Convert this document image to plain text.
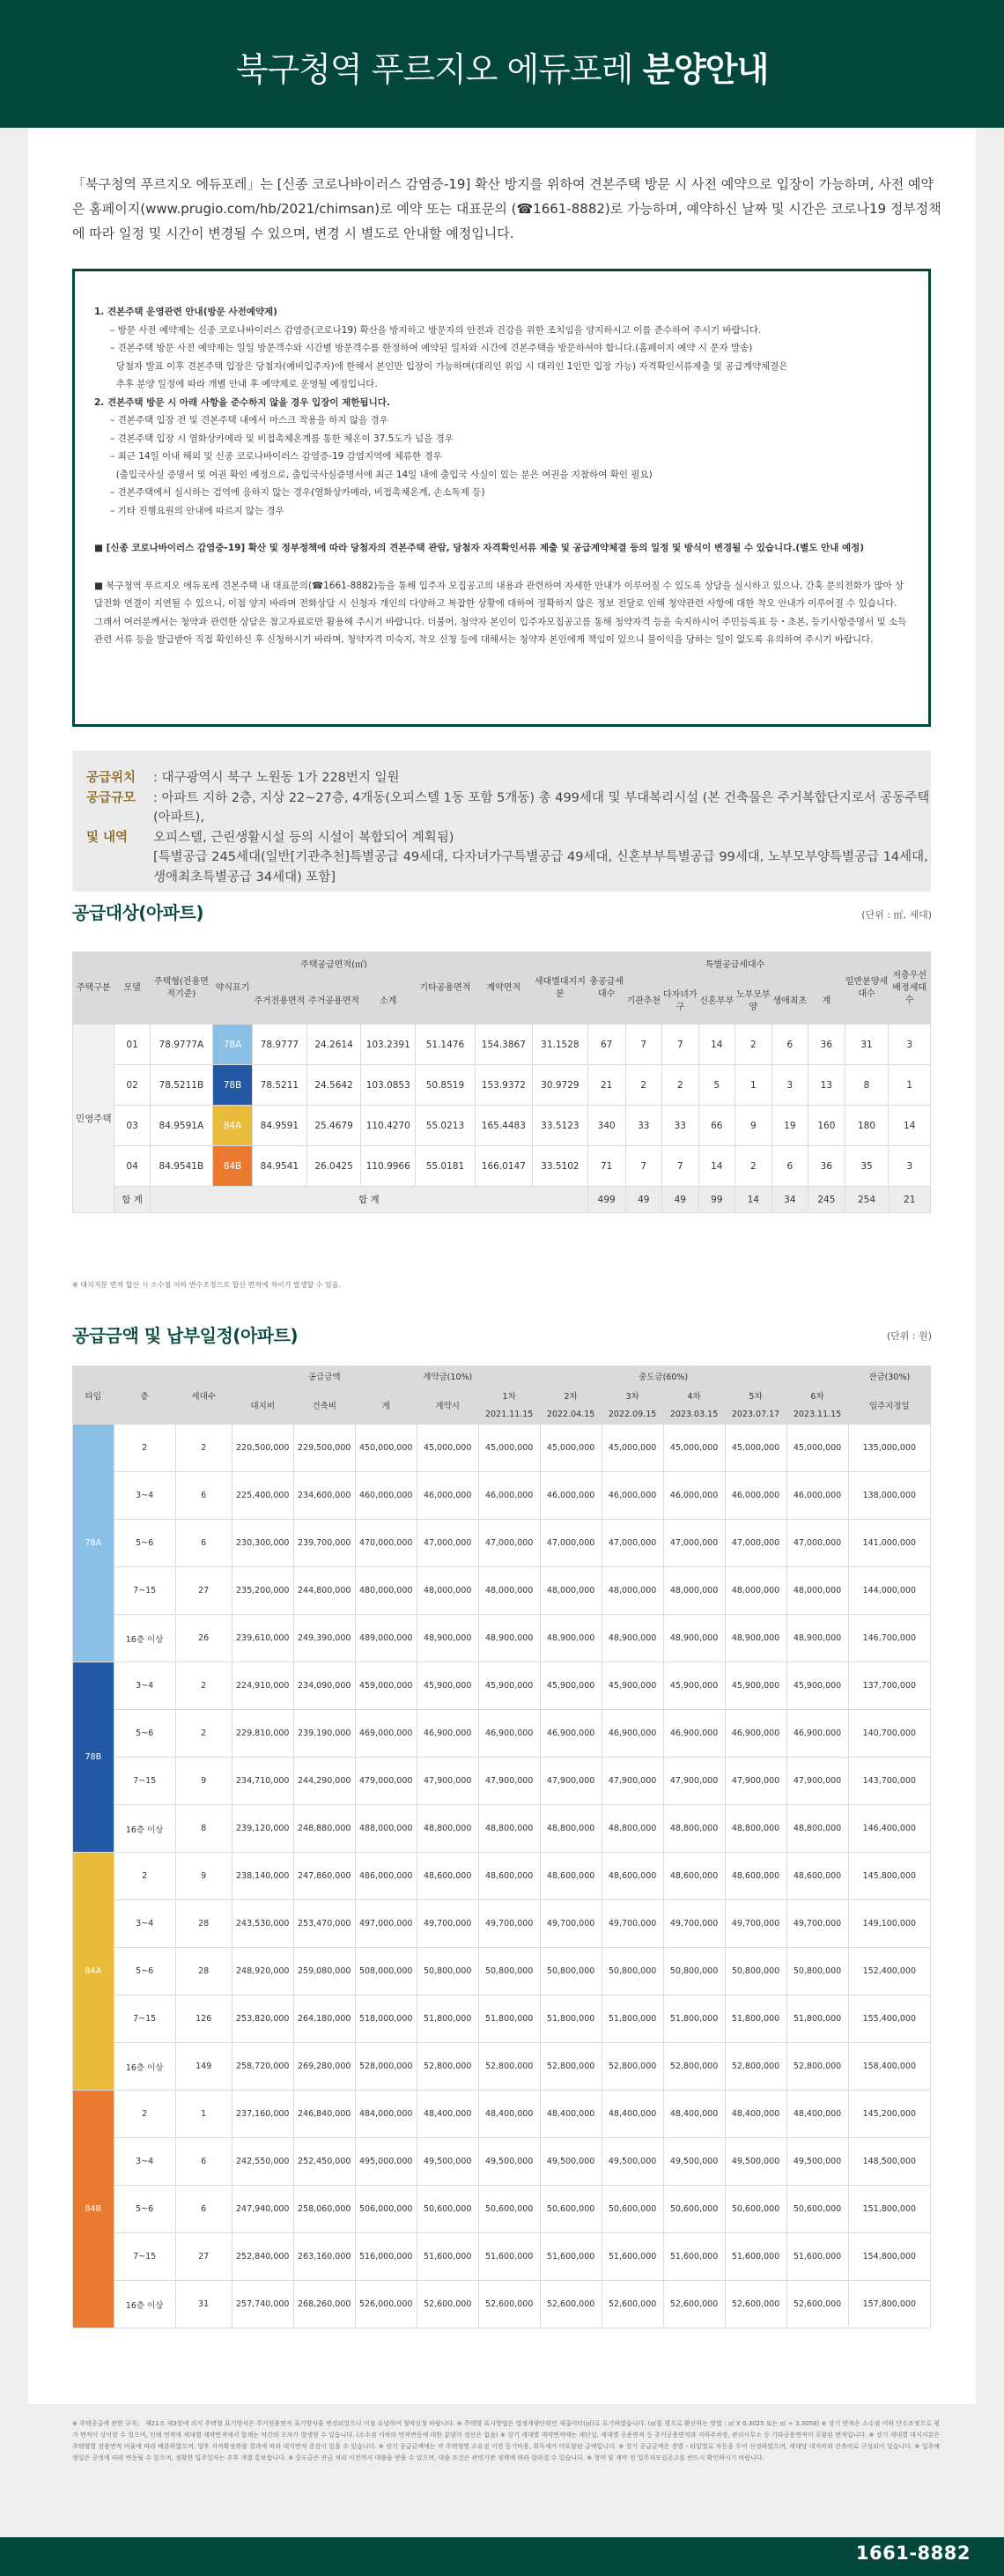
북구청역 푸르지오 에듀포레 분양안내

「북구청역 푸르지오 에듀포레」는 [신종 코로나바이러스 감염증-19] 확산 방지를 위하여 견본주택 방문 시 사전 예약으로 입장이 가능하며, 사전 예약은 홈페이지(www.prugio.com/hb/2021/chimsan)로 예약 또는 대표문의 (☎1661-8882)로 가능하며, 예약하신 날짜 및 시간은 코로나19 정부정책에 따라 일정 및 시간이 변경될 수 있으며, 변경 시 별도로 안내할 예정입니다.

1. 견본주택 운영관련 안내(방문 사전예약제)

– 방문 사전 예약제는 신종 코로나바이러스 감염증(코로나19) 확산을 방지하고 방문자의 안전과 건강을 위한 조치임을 양지하시고 이를 준수하여 주시기 바랍니다.

– 견본주택 방문 사전 예약제는 일일 방문객수와 시간별 방문객수를 한정하여 예약된 일자와 시간에 견본주택을 방문하셔야 합니다.(홈페이지 예약 시 문자 발송)

당첨자 발표 이후 견본주택 입장은 당첨자(예비입주자)에 한해서 본인만 입장이 가능하며(대리인 위임 시 대리인 1인만 입장 가능) 자격확인서류제출 및 공급계약체결은

추후 분양 일정에 따라 개별 안내 후 예약제로 운영될 예정입니다.

2. 견본주택 방문 시 아래 사항을 준수하지 않을 경우 입장이 제한됩니다.

– 견본주택 입장 전 및 견본주택 내에서 마스크 착용을 하지 않을 경우

– 견본주택 입장 시 열화상카메라 및 비접촉체온계를 통한 체온이 37.5도가 넘을 경우

– 최근 14일 이내 해외 및 신종 코로나바이러스 감염증-19 감염지역에 체류한 경우

(출입국사실 증명서 및 여권 확인 예정으로, 출입국사실증명서에 최근 14일 내에 출입국 사실이 있는 분은 여권을 지참하여 확인 필요)

– 견본주택에서 실시하는 검역에 응하지 않는 경우(열화상카메라, 비접촉체온계, 손소독제 등)

– 기타 진행요원의 안내에 따르지 않는 경우

■ [신종 코로나바이러스 감염증-19] 확산 및 정부정책에 따라 당첨자의 견본주택 관람, 당첨자 자격확인서류 제출 및 공급계약체결 등의 일정 및 방식이 변경될 수 있습니다.(별도 안내 예정)

■ 북구청역 푸르지오 에듀포레 견본주택 내 대표문의(☎1661-8882)등을 통해 입주자 모집공고의 내용과 관련하여 자세한 안내가 이루어질 수 있도록 상담을 실시하고 있으나, 간혹 문의전화가 많아 상담전화 연결이 지연될 수 있으니, 이점 양지 바라며 전화상담 시 신청자 개인의 다양하고 복잡한 상황에 대하여 정확하지 않은 정보 전달로 인해 청약관련 사항에 대한 착오 안내가 이루어질 수 있습니다. 그래서 여러분께서는 청약과 관련한 상담은 참고자료로만 활용해 주시기 바랍니다. 더불어, 청약자 본인이 입주자모집공고를 통해 청약자격 등을 숙지하시어 주민등록표 등・초본, 등기사항증명서 및 소득관련 서류 등을 발급받아 직접 확인하신 후 신청하시기 바라며, 청약자격 미숙지, 착오 신청 등에 대해서는 청약자 본인에게 책임이 있으니 불이익을 당하는 일이 없도록 유의하여 주시기 바랍니다.

공급위치	: 대구광역시 북구 노원동 1가 228번지 일원
공급규모	: 아파트 지하 2층, 지상 22~27층, 4개동(오피스텔 1동 포함 5개동) 총 499세대 및 부대복리시설 (본 건축물은 주거복합단지로서 공동주택(아파트),
및 내역	오피스텔, 근린생활시설 등의 시설이 복합되어 계획됨)
[특별공급 245세대(일반[기관추천]특별공급 49세대, 다자녀가구특별공급 49세대, 신혼부부특별공급 99세대, 노부모부양특별공급 14세대,
생애최초특별공급 34세대) 포함]
공급대상(아파트)	(단위 : ㎡, 세대)
주택구분	모델	주택형(전용면적기준)	약식표기	주택공급면적(㎡)			기타공용면적	계약면적	세대별대지지분	총공급세대수	특별공급세대수						일반분양세대수	저층우선배정세대수
				주거전용면적	주거공용면적	소계					기관추천	다자녀가구	신혼부부	노부모부양	생애최초	계		
민영주택	01	78.9777A	78A	78.9777	24.2614	103.2391	51.1476	154.3867	31.1528	67	7	7	14	2	6	36	31	3
	02	78.5211B	78B	78.5211	24.5642	103.0853	50.8519	153.9372	30.9729	21	2	2	5	1	3	13	8	1
	03	84.9591A	84A	84.9591	25.4679	110.4270	55.0213	165.4483	33.5123	340	33	33	66	9	19	160	180	14
	04	84.9541B	84B	84.9541	26.0425	110.9966	55.0181	166.0147	33.5102	71	7	7	14	2	6	36	35	3
	합 계	합 계								499	49	49	99	14	34	245	254	21
※ 대지지분 면적 합산 시 소수점 이하 반수조정으로 합산 면적에 차이가 발생할 수 있음.
공급금액 및 납부일정(아파트)	(단위 : 원)
타입	층	세대수	공급금액			계약금(10%)	중도금(60%)						잔금(30%)
			대지비	건축비	계	계약시	1차	2차	3차	4차	5차	6차	입주지정일
							2021.11.15	2022.04.15	2022.09.15	2023.03.15	2023.07.17	2023.11.15	
78A	2	2	220,500,000	229,500,000	450,000,000	45,000,000	45,000,000	45,000,000	45,000,000	45,000,000	45,000,000	45,000,000	135,000,000
	3~4	6	225,400,000	234,600,000	460,000,000	46,000,000	46,000,000	46,000,000	46,000,000	46,000,000	46,000,000	46,000,000	138,000,000
	5~6	6	230,300,000	239,700,000	470,000,000	47,000,000	47,000,000	47,000,000	47,000,000	47,000,000	47,000,000	47,000,000	141,000,000
	7~15	27	235,200,000	244,800,000	480,000,000	48,000,000	48,000,000	48,000,000	48,000,000	48,000,000	48,000,000	48,000,000	144,000,000
	16층 이상	26	239,610,000	249,390,000	489,000,000	48,900,000	48,900,000	48,900,000	48,900,000	48,900,000	48,900,000	48,900,000	146,700,000
78B	3~4	2	224,910,000	234,090,000	459,000,000	45,900,000	45,900,000	45,900,000	45,900,000	45,900,000	45,900,000	45,900,000	137,700,000
	5~6	2	229,810,000	239,190,000	469,000,000	46,900,000	46,900,000	46,900,000	46,900,000	46,900,000	46,900,000	46,900,000	140,700,000
	7~15	9	234,710,000	244,290,000	479,000,000	47,900,000	47,900,000	47,900,000	47,900,000	47,900,000	47,900,000	47,900,000	143,700,000
	16층 이상	8	239,120,000	248,880,000	488,000,000	48,800,000	48,800,000	48,800,000	48,800,000	48,800,000	48,800,000	48,800,000	146,400,000
84A	2	9	238,140,000	247,860,000	486,000,000	48,600,000	48,600,000	48,600,000	48,600,000	48,600,000	48,600,000	48,600,000	145,800,000
	3~4	28	243,530,000	253,470,000	497,000,000	49,700,000	49,700,000	49,700,000	49,700,000	49,700,000	49,700,000	49,700,000	149,100,000
	5~6	28	248,920,000	259,080,000	508,000,000	50,800,000	50,800,000	50,800,000	50,800,000	50,800,000	50,800,000	50,800,000	152,400,000
	7~15	126	253,820,000	264,180,000	518,000,000	51,800,000	51,800,000	51,800,000	51,800,000	51,800,000	51,800,000	51,800,000	155,400,000
	16층 이상	149	258,720,000	269,280,000	528,000,000	52,800,000	52,800,000	52,800,000	52,800,000	52,800,000	52,800,000	52,800,000	158,400,000
84B	2	1	237,160,000	246,840,000	484,000,000	48,400,000	48,400,000	48,400,000	48,400,000	48,400,000	48,400,000	48,400,000	145,200,000
	3~4	6	242,550,000	252,450,000	495,000,000	49,500,000	49,500,000	49,500,000	49,500,000	49,500,000	49,500,000	49,500,000	148,500,000
	5~6	6	247,940,000	258,060,000	506,000,000	50,600,000	50,600,000	50,600,000	50,600,000	50,600,000	50,600,000	50,600,000	151,800,000
	7~15	27	252,840,000	263,160,000	516,000,000	51,600,000	51,600,000	51,600,000	51,600,000	51,600,000	51,600,000	51,600,000	154,800,000
	16층 이상	31	257,740,000	268,260,000	526,000,000	52,600,000	52,600,000	52,600,000	52,600,000	52,600,000	52,600,000	52,600,000	157,800,000
※ 주택공급에 관한 규칙」 제21조 제3항에 의거 주택형 표기방식은 주거전용면적 표기방식을 변경되었으니 이점 유념하여 청약신청 바랍니다. ※ 주택형 표시방법은 법정계량단위인 제곱미터(㎡)로 표기하였습니다. (㎡를 평으로 환산하는 방법 : ㎡ X 0.3025 또는 ㎡ ÷ 3.3058) ※ 상기 면적은 소수점 이하 단수조정으로 평가 면적이 상이할 수 있으며, 인해 면적에 세대별 계약면적에서 합계는 약간의 오차가 발생할 수 있습니다. (소수점 이하의 면적변동에 대한 분양가 정산은 없음) ※ 상기 세대별 계약면적에는 계단실, 세대별 공용면적 등 주거공용면적과 지하주차장, 관리사무소 등 기타공용면적이 포함된 면적입니다. ※ 상기 세대별 대지지분은 주택형별 전용면적 비율에 따라 배분하였으며, 향후 지적확정측량 결과에 따라 대지면적 증감이 있을 수 있습니다. ※ 상기 공급금액에는 각 주택형별 소유권 이전 등기비용, 취득세가 미포함된 금액입니다. ※ 상기 공급금액은 층별・타입별로 차등을 두어 산정하였으며, 세대당 대지비와 건축비로 구성되어 있습니다. ※ 입주예정일은 공정에 따라 변동될 수 있으며, 정확한 입주일자는 추후 개별 통보합니다. ※ 중도금은 잔금 처리 이전까지 대출을 받을 수 있으며, 대출 조건은 관련기관 정책에 따라 달라질 수 있습니다. ※ 청약 및 계약 전 입주자모집공고를 반드시 확인하시기 바랍니다.
1661-8882
